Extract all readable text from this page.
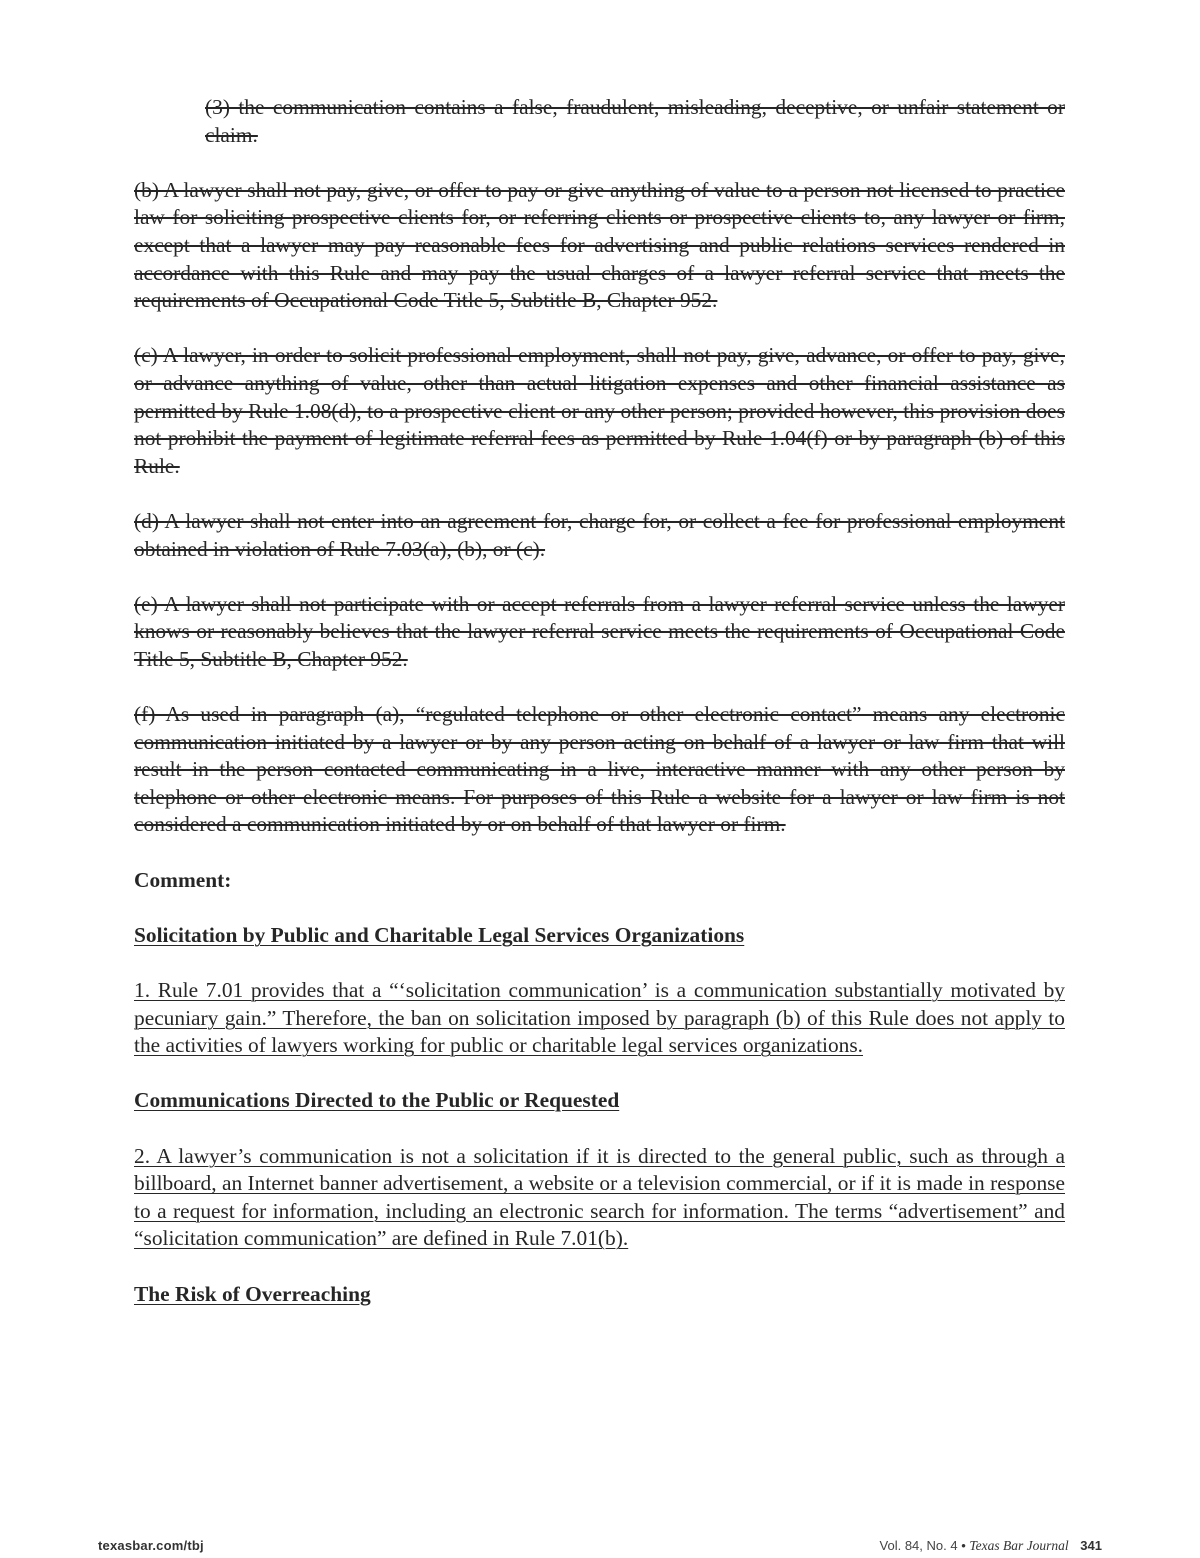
(3) the communication contains a false, fraudulent, misleading, deceptive, or unfair statement or claim.

(b) A lawyer shall not pay, give, or offer to pay or give anything of value to a person not licensed to practice law for soliciting prospective clients for, or referring clients or prospective clients to, any lawyer or firm, except that a lawyer may pay reasonable fees for advertising and public relations services rendered in accordance with this Rule and may pay the usual charges of a lawyer referral service that meets the requirements of Occupational Code Title 5, Subtitle B, Chapter 952.

(c) A lawyer, in order to solicit professional employment, shall not pay, give, advance, or offer to pay, give, or advance anything of value, other than actual litigation expenses and other financial assistance as permitted by Rule 1.08(d), to a prospective client or any other person; provided however, this provision does not prohibit the payment of legitimate referral fees as permitted by Rule 1.04(f) or by paragraph (b) of this Rule.

(d) A lawyer shall not enter into an agreement for, charge for, or collect a fee for professional employment obtained in violation of Rule 7.03(a), (b), or (c).

(e) A lawyer shall not participate with or accept referrals from a lawyer referral service unless the lawyer knows or reasonably believes that the lawyer referral service meets the requirements of Occupational Code Title 5, Subtitle B, Chapter 952.

(f) As used in paragraph (a), “regulated telephone or other electronic contact” means any electronic communication initiated by a lawyer or by any person acting on behalf of a lawyer or law firm that will result in the person contacted communicating in a live, interactive manner with any other person by telephone or other electronic means. For purposes of this Rule a website for a lawyer or law firm is not considered a communication initiated by or on behalf of that lawyer or firm.

Comment:

Solicitation by Public and Charitable Legal Services Organizations

1. Rule 7.01 provides that a “‘solicitation communication’ is a communication substantially motivated by pecuniary gain.” Therefore, the ban on solicitation imposed by paragraph (b) of this Rule does not apply to the activities of lawyers working for public or charitable legal services organizations.

Communications Directed to the Public or Requested

2. A lawyer’s communication is not a solicitation if it is directed to the general public, such as through a billboard, an Internet banner advertisement, a website or a television commercial, or if it is made in response to a request for information, including an electronic search for information. The terms “advertisement” and “solicitation communication” are defined in Rule 7.01(b).

The Risk of Overreaching

texasbar.com/tbj	Vol. 84, No. 4 • Texas Bar Journal 341
